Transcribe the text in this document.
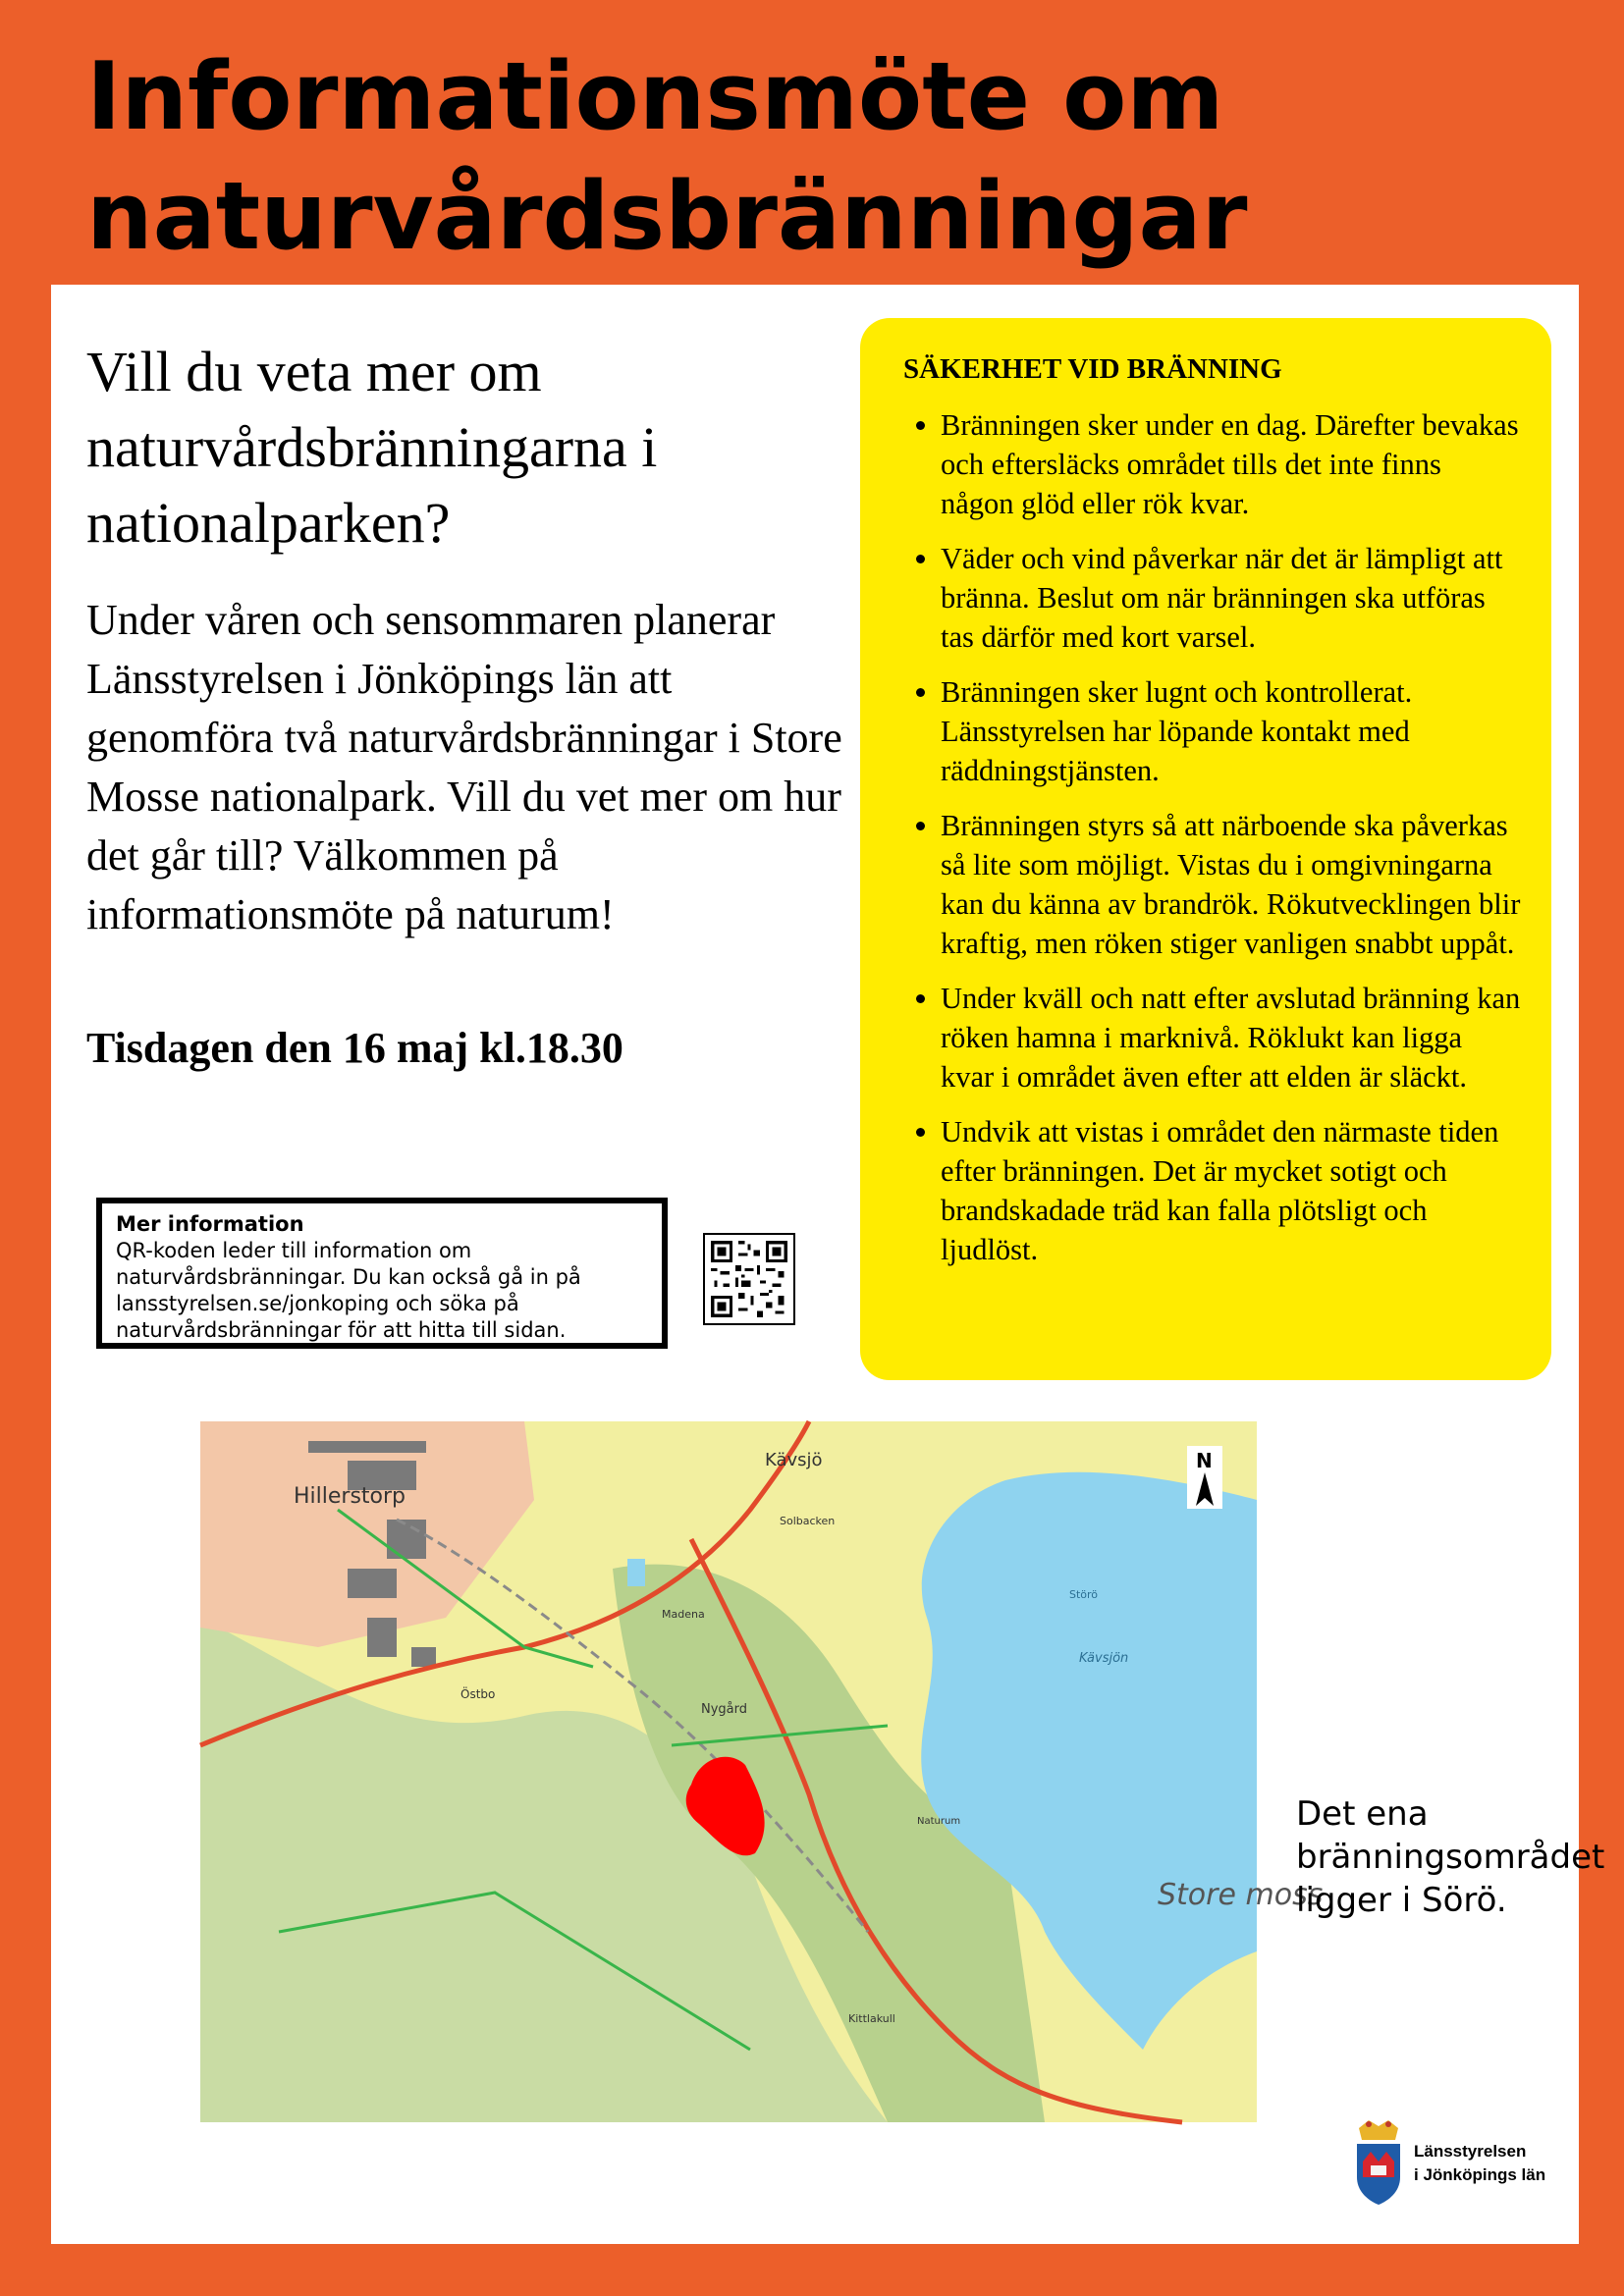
Informationsmöte om naturvårdsbränningar

Vill du veta mer om naturvårdsbränningarna i nationalparken?

Under våren och sensommaren planerar Länsstyrelsen i Jönköpings län att genomföra två naturvårdsbränningar i Store Mosse nationalpark. Vill du vet mer om hur det går till? Välkommen på informationsmöte på naturum!

Tisdagen den 16 maj kl.18.30

SÄKERHET VID BRÄNNING
• Bränningen sker under en dag. Därefter bevakas och eftersläcks området tills det inte finns någon glöd eller rök kvar.
• Väder och vind påverkar när det är lämpligt att bränna. Beslut om när bränningen ska utföras tas därför med kort varsel.
• Bränningen sker lugnt och kontrollerat. Länsstyrelsen har löpande kontakt med räddningstjänsten.
• Bränningen styrs så att närboende ska påverkas så lite som möjligt. Vistas du i omgivningarna kan du känna av brandrök. Rökutvecklingen blir kraftig, men röken stiger vanligen snabbt uppåt.
• Under kväll och natt efter avslutad bränning kan röken hamna i marknivå. Röklukt kan ligga kvar i området även efter att elden är släckt.
• Undvik att vistas i området den närmaste tiden efter bränningen. Det är mycket sotigt och brandskadade träd kan falla plötsligt och ljudlöst.
Mer information
QR-koden leder till information om naturvårdsbränningar. Du kan också gå in på lansstyrelsen.se/jonkoping och söka på naturvårdsbränningar för att hitta till sidan.
Hillerstorp
Kävsjö
Solbacken
Madena
Nygård
Östbo
Kävsjön
Störö
Naturum
Store moss
Kittlakull
N

Det ena bränningsområdet ligger i Sörö.

Länsstyrelsen
i Jönköpings län
